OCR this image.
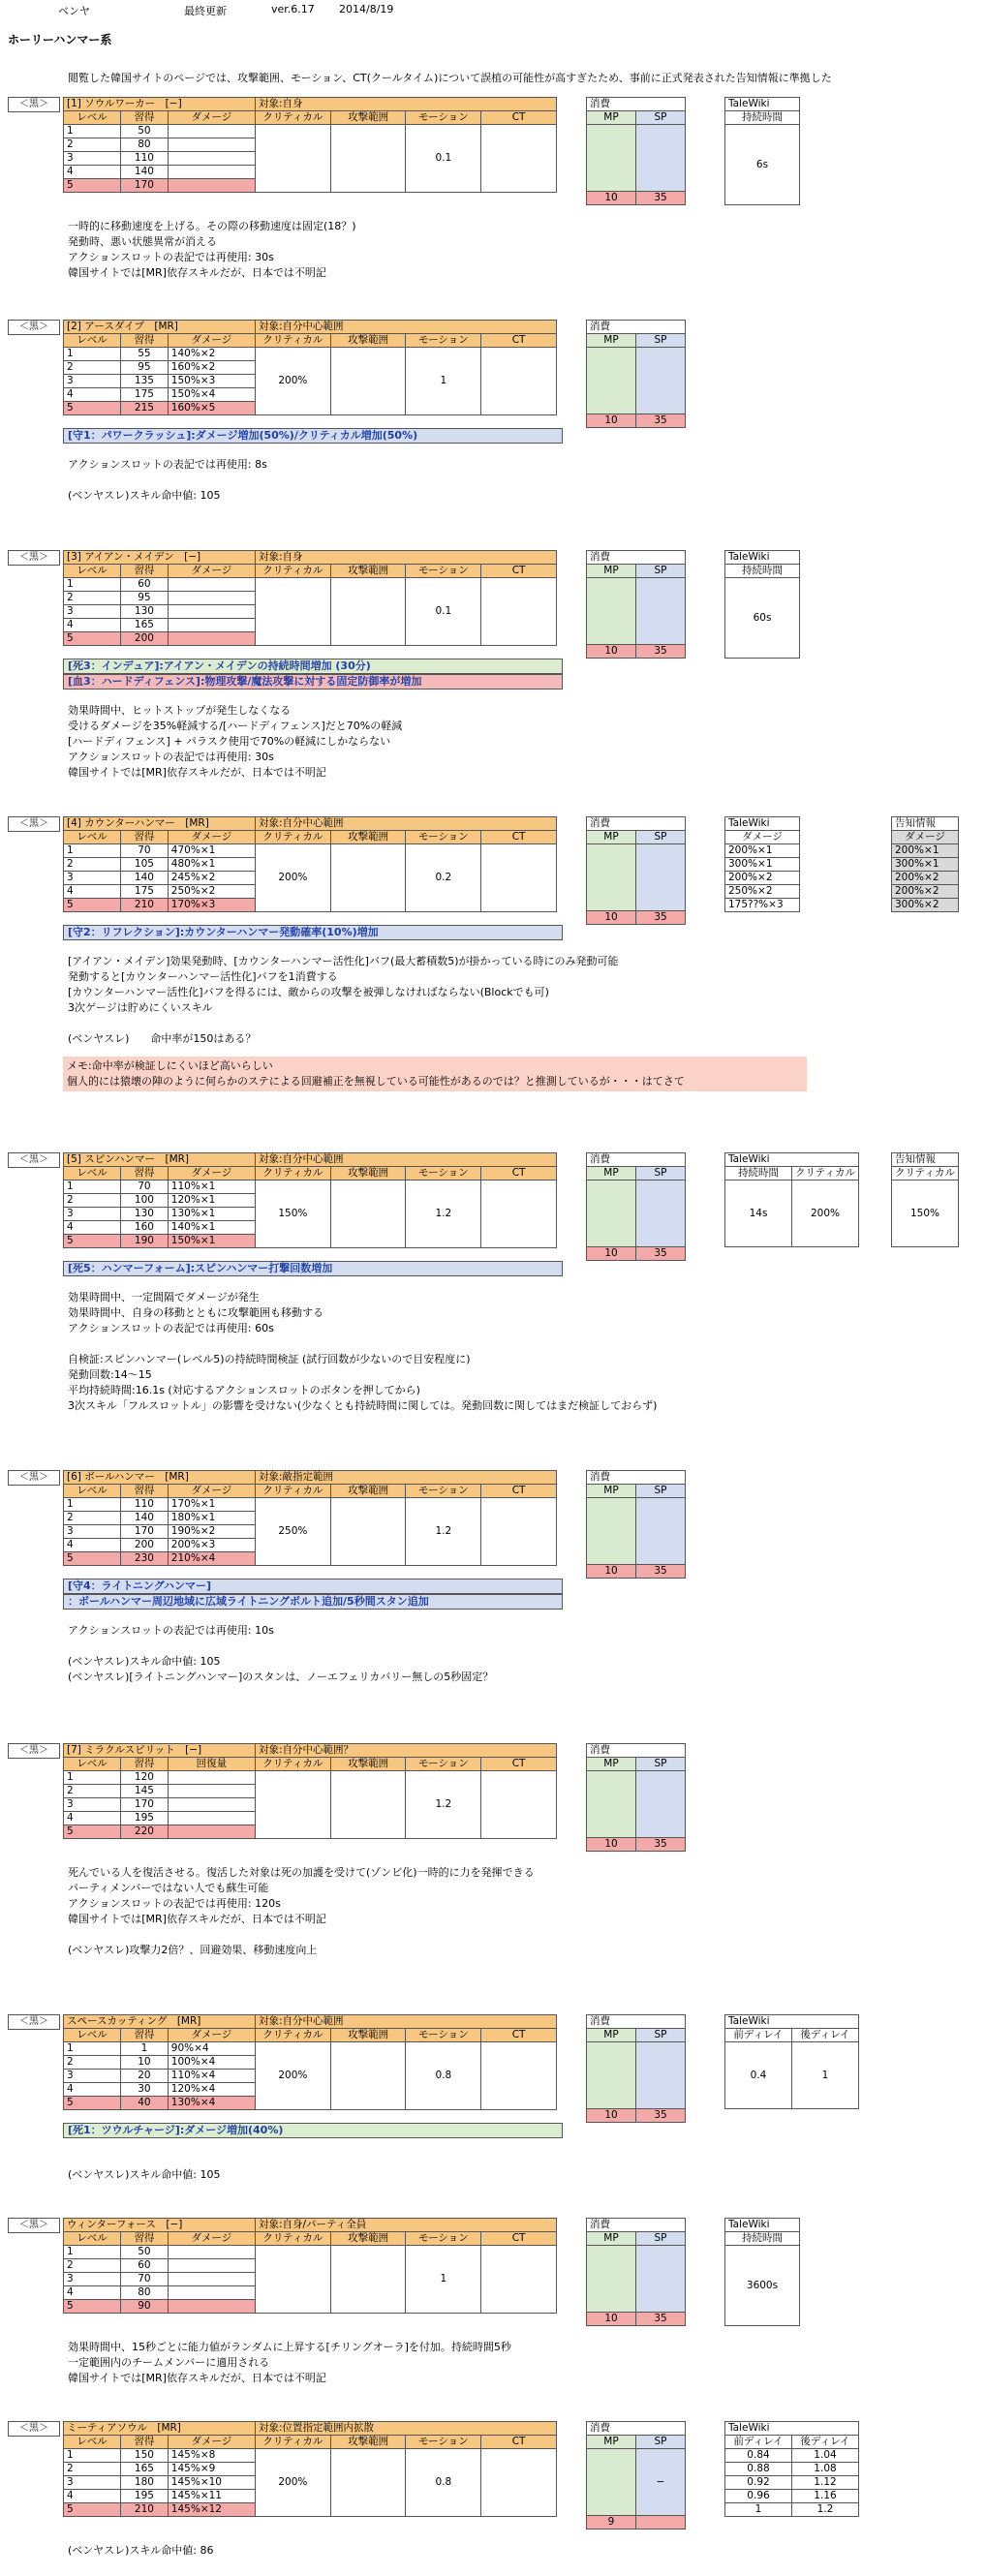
ベンヤ	最終更新	ver.6.17	2014/8/19
ホーリーハンマー系
閲覧した韓国サイトのページでは、攻撃範囲、モーション、CT(クールタイム)について誤植の可能性が高すぎたため、事前に正式発表された告知情報に準拠した
＜黒＞	[1] ソウルワーカー　[−]			対象:自身			
レベル	習得	ダメージ	クリティカル	攻撃範囲	モーション	CT
1	50				0.1	
2	80					
3	110					
4	140					
5	170					
消費	
MP	SP

10	35
TaleWiki
持続時間
6s
一時的に移動速度を上げる。その際の移動速度は固定(18？)
発動時、悪い状態異常が消える
アクションスロットの表記では再使用: 30s
韓国サイトでは[MR]依存スキルだが、日本では不明記
＜黒＞	[2] アースダイブ　[MR]			対象:自分中心範囲			
レベル	習得	ダメージ	クリティカル	攻撃範囲	モーション	CT
1	55	140%×2	200%		1	
2	95	160%×2				
3	135	150%×3				
4	175	150%×4				
5	215	160%×5				
消費	
MP	SP

10	35
[守1：パワークラッシュ]:ダメージ増加(50%)/クリティカル増加(50%)
アクションスロットの表記では再使用: 8s

(ベンヤスレ)スキル命中値: 105
＜黒＞	[3] アイアン・メイデン　[−]			対象:自身			
レベル	習得	ダメージ	クリティカル	攻撃範囲	モーション	CT
1	60				0.1	
2	95					
3	130					
4	165					
5	200					
消費	
MP	SP

10	35
TaleWiki
持続時間
60s
[死3：インデュア]:アイアン・メイデンの持続時間増加 (30分)
[血3：ハードディフェンス]:物理攻撃/魔法攻撃に対する固定防御率が増加
効果時間中、ヒットストップが発生しなくなる
受けるダメージを35%軽減する/[ハードディフェンス]だと70%の軽減
[ハードディフェンス] + パラスク使用で70%の軽減にしかならない
アクションスロットの表記では再使用: 30s
韓国サイトでは[MR]依存スキルだが、日本では不明記
＜黒＞	[4] カウンターハンマー　[MR]			対象:自分中心範囲			
レベル	習得	ダメージ	クリティカル	攻撃範囲	モーション	CT
1	70	470%×1	200%		0.2	
2	105	480%×1				
3	140	245%×2				
4	175	250%×2				
5	210	170%×3				
消費	
MP	SP

10	35
TaleWiki
ダメージ
200%×1
300%×1
200%×2
250%×2
175??%×3
告知情報
ダメージ
200%×1
300%×1
200%×2
200%×2
300%×2
[守2：リフレクション]:カウンターハンマー発動確率(10%)増加
[アイアン・メイデン]効果発動時、[カウンターハンマー活性化]バフ(最大蓄積数5)が掛かっている時にのみ発動可能
発動すると[カウンターハンマー活性化]バフを1消費する
[カウンターハンマー活性化]バフを得るには、敵からの攻撃を被弾しなければならない(Blockでも可)
3次ゲージは貯めにくいスキル

(ベンヤスレ)　　命中率が150はある？
メモ:命中率が検証しにくいほど高いらしい
個人的には猿壊の陣のように何らかのステによる回避補正を無視している可能性があるのでは？と推測しているが・・・はてさて
＜黒＞	[5] スピンハンマー　[MR]			対象:自分中心範囲			
レベル	習得	ダメージ	クリティカル	攻撃範囲	モーション	CT
1	70	110%×1	150%		1.2	
2	100	120%×1				
3	130	130%×1				
4	160	140%×1				
5	190	150%×1				
消費	
MP	SP

10	35
TaleWiki	
持続時間	クリティカル
14s	200%
告知情報
クリティカル
150%
[死5：ハンマーフォーム]:スピンハンマー打撃回数増加
効果時間中、一定間隔でダメージが発生
効果時間中、自身の移動とともに攻撃範囲も移動する
アクションスロットの表記では再使用: 60s

自検証:スピンハンマー(レベル5)の持続時間検証 (試行回数が少ないので目安程度に)
発動回数:14〜15
平均持続時間:16.1s (対応するアクションスロットのボタンを押してから)
3次スキル「フルスロットル」の影響を受けない(少なくとも持続時間に関しては。発動回数に関してはまだ検証しておらず)
＜黒＞	[6] ボールハンマー　[MR]			対象:敵指定範囲			
レベル	習得	ダメージ	クリティカル	攻撃範囲	モーション	CT
1	110	170%×1	250%		1.2	
2	140	180%×1				
3	170	190%×2				
4	200	200%×3				
5	230	210%×4				
消費	
MP	SP

10	35
[守4：ライトニングハンマー]
：ボールハンマー周辺地域に広域ライトニングボルト追加/5秒間スタン追加
アクションスロットの表記では再使用: 10s

(ベンヤスレ)スキル命中値: 105
(ベンヤスレ)[ライトニングハンマー]のスタンは、ノーエフェリカバリー無しの5秒固定？
＜黒＞	[7] ミラクルスピリット　[−]			対象:自分中心範囲？			
レベル	習得	回復量	クリティカル	攻撃範囲	モーション	CT
1	120				1.2	
2	145					
3	170					
4	195					
5	220					
消費	
MP	SP

10	35
死んでいる人を復活させる。復活した対象は死の加護を受けて(ゾンビ化)一時的に力を発揮できる
パーティメンバーではない人でも蘇生可能
アクションスロットの表記では再使用: 120s
韓国サイトでは[MR]依存スキルだが、日本では不明記

(ベンヤスレ)攻撃力2倍？、回避効果、移動速度向上
＜黒＞	スペースカッティング　[MR]			対象:自分中心範囲			
レベル	習得	ダメージ	クリティカル	攻撃範囲	モーション	CT
1	1	90%×4	200%		0.8	
2	10	100%×4				
3	20	110%×4				
4	30	120%×4				
5	40	130%×4				
消費	
MP	SP

10	35
TaleWiki	
前ディレイ	後ディレイ
0.4	1
[死1：ツウルチャージ]:ダメージ増加(40%)

(ベンヤスレ)スキル命中値: 105
＜黒＞	ウィンターフォース　[−]			対象:自身/パーティ全員			
レベル	習得	ダメージ	クリティカル	攻撃範囲	モーション	CT
1	50				1	
2	60					
3	70					
4	80					
5	90					
消費	
MP	SP

10	35
TaleWiki
持続時間
3600s
効果時間中、15秒ごとに能力値がランダムに上昇する[チリングオーラ]を付加。持続時間5秒
一定範囲内のチームメンバーに適用される
韓国サイトでは[MR]依存スキルだが、日本では不明記
＜黒＞	ミーティアソウル　[MR]			対象:位置指定範囲内拡散			
レベル	習得	ダメージ	クリティカル	攻撃範囲	モーション	CT
1	150	145%×8	200%		0.8	
2	165	145%×9				
3	180	145%×10				
4	195	145%×11				
5	210	145%×12				
消費	
MP	SP
	−
9	
TaleWiki	
前ディレイ	後ディレイ
0.84	1.04
0.88	1.08
0.92	1.12
0.96	1.16
1	1.2
(ベンヤスレ)スキル命中値: 86
